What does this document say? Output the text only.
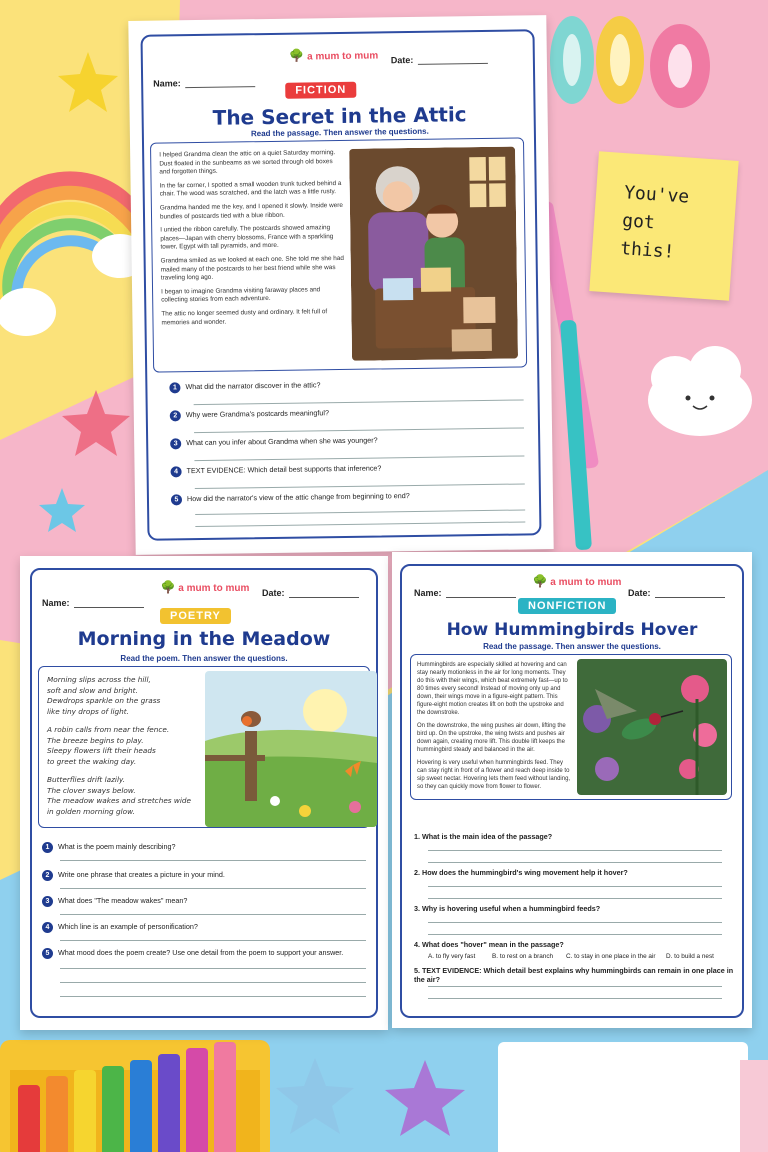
You've got this!
🌳 a mum to mum
Name:
Date:
FICTION
The Secret in the Attic
Read the passage. Then answer the questions.

I helped Grandma clean the attic on a quiet Saturday morning. Dust floated in the sunbeams as we sorted through old boxes and forgotten things.

In the far corner, I spotted a small wooden trunk tucked behind a chair. The wood was scratched, and the latch was a little rusty.

Grandma handed me the key, and I opened it slowly. Inside were bundles of postcards tied with a blue ribbon.

I untied the ribbon carefully. The postcards showed amazing places—Japan with cherry blossoms, France with a sparkling tower, Egypt with tall pyramids, and more.

Grandma smiled as we looked at each one. She told me she had mailed many of the postcards to her best friend while she was traveling long ago.

I began to imagine Grandma visiting faraway places and collecting stories from each adventure.

The attic no longer seemed dusty and ordinary. It felt full of memories and wonder.

1 What did the narrator discover in the attic?
2 Why were Grandma's postcards meaningful?
3 What can you infer about Grandma when she was younger?
4 TEXT EVIDENCE: Which detail best supports that inference?
5 How did the narrator's view of the attic change from beginning to end?
🌳 a mum to mum
Name:
Date:
POETRY
Morning in the Meadow
Read the poem. Then answer the questions.

Morning slips across the hill,
soft and slow and bright.
Dewdrops sparkle on the grass
like tiny drops of light.

A robin calls from near the fence.
The breeze begins to play.
Sleepy flowers lift their heads
to greet the waking day.

Butterflies drift lazily.
The clover sways below.
The meadow wakes and stretches wide
in golden morning glow.

1 What is the poem mainly describing?
2 Write one phrase that creates a picture in your mind.
3 What does "The meadow wakes" mean?
4 Which line is an example of personification?
5 What mood does the poem create? Use one detail from the poem to support your answer.
🌳 a mum to mum
Name:	Date:
NONFICTION
How Hummingbirds Hover
Read the passage. Then answer the questions.

Hummingbirds are especially skilled at hovering and can stay nearly motionless in the air for long moments. They do this with their wings, which beat extremely fast—up to 80 times every second! Instead of moving only up and down, their wings move in a figure-eight pattern. This figure-eight motion creates lift on both the upstroke and the downstroke.

On the downstroke, the wing pushes air down, lifting the bird up. On the upstroke, the wing twists and pushes air down again, creating more lift. This double lift keeps the hummingbird steady and balanced in the air.

Hovering is very useful when hummingbirds feed. They can stay right in front of a flower and reach deep inside to sip sweet nectar. Hovering lets them feed without landing, so they can quickly move from flower to flower.

1. What is the main idea of the passage?
2. How does the hummingbird's wing movement help it hover?
3. Why is hovering useful when a hummingbird feeds?
4. What does "hover" mean in the passage?
A. to fly very fast	B. to rest on a branch C. to stay in one place in the air D. to build a nest
5. TEXT EVIDENCE: Which detail best explains why hummingbirds can remain in one place in the air?
